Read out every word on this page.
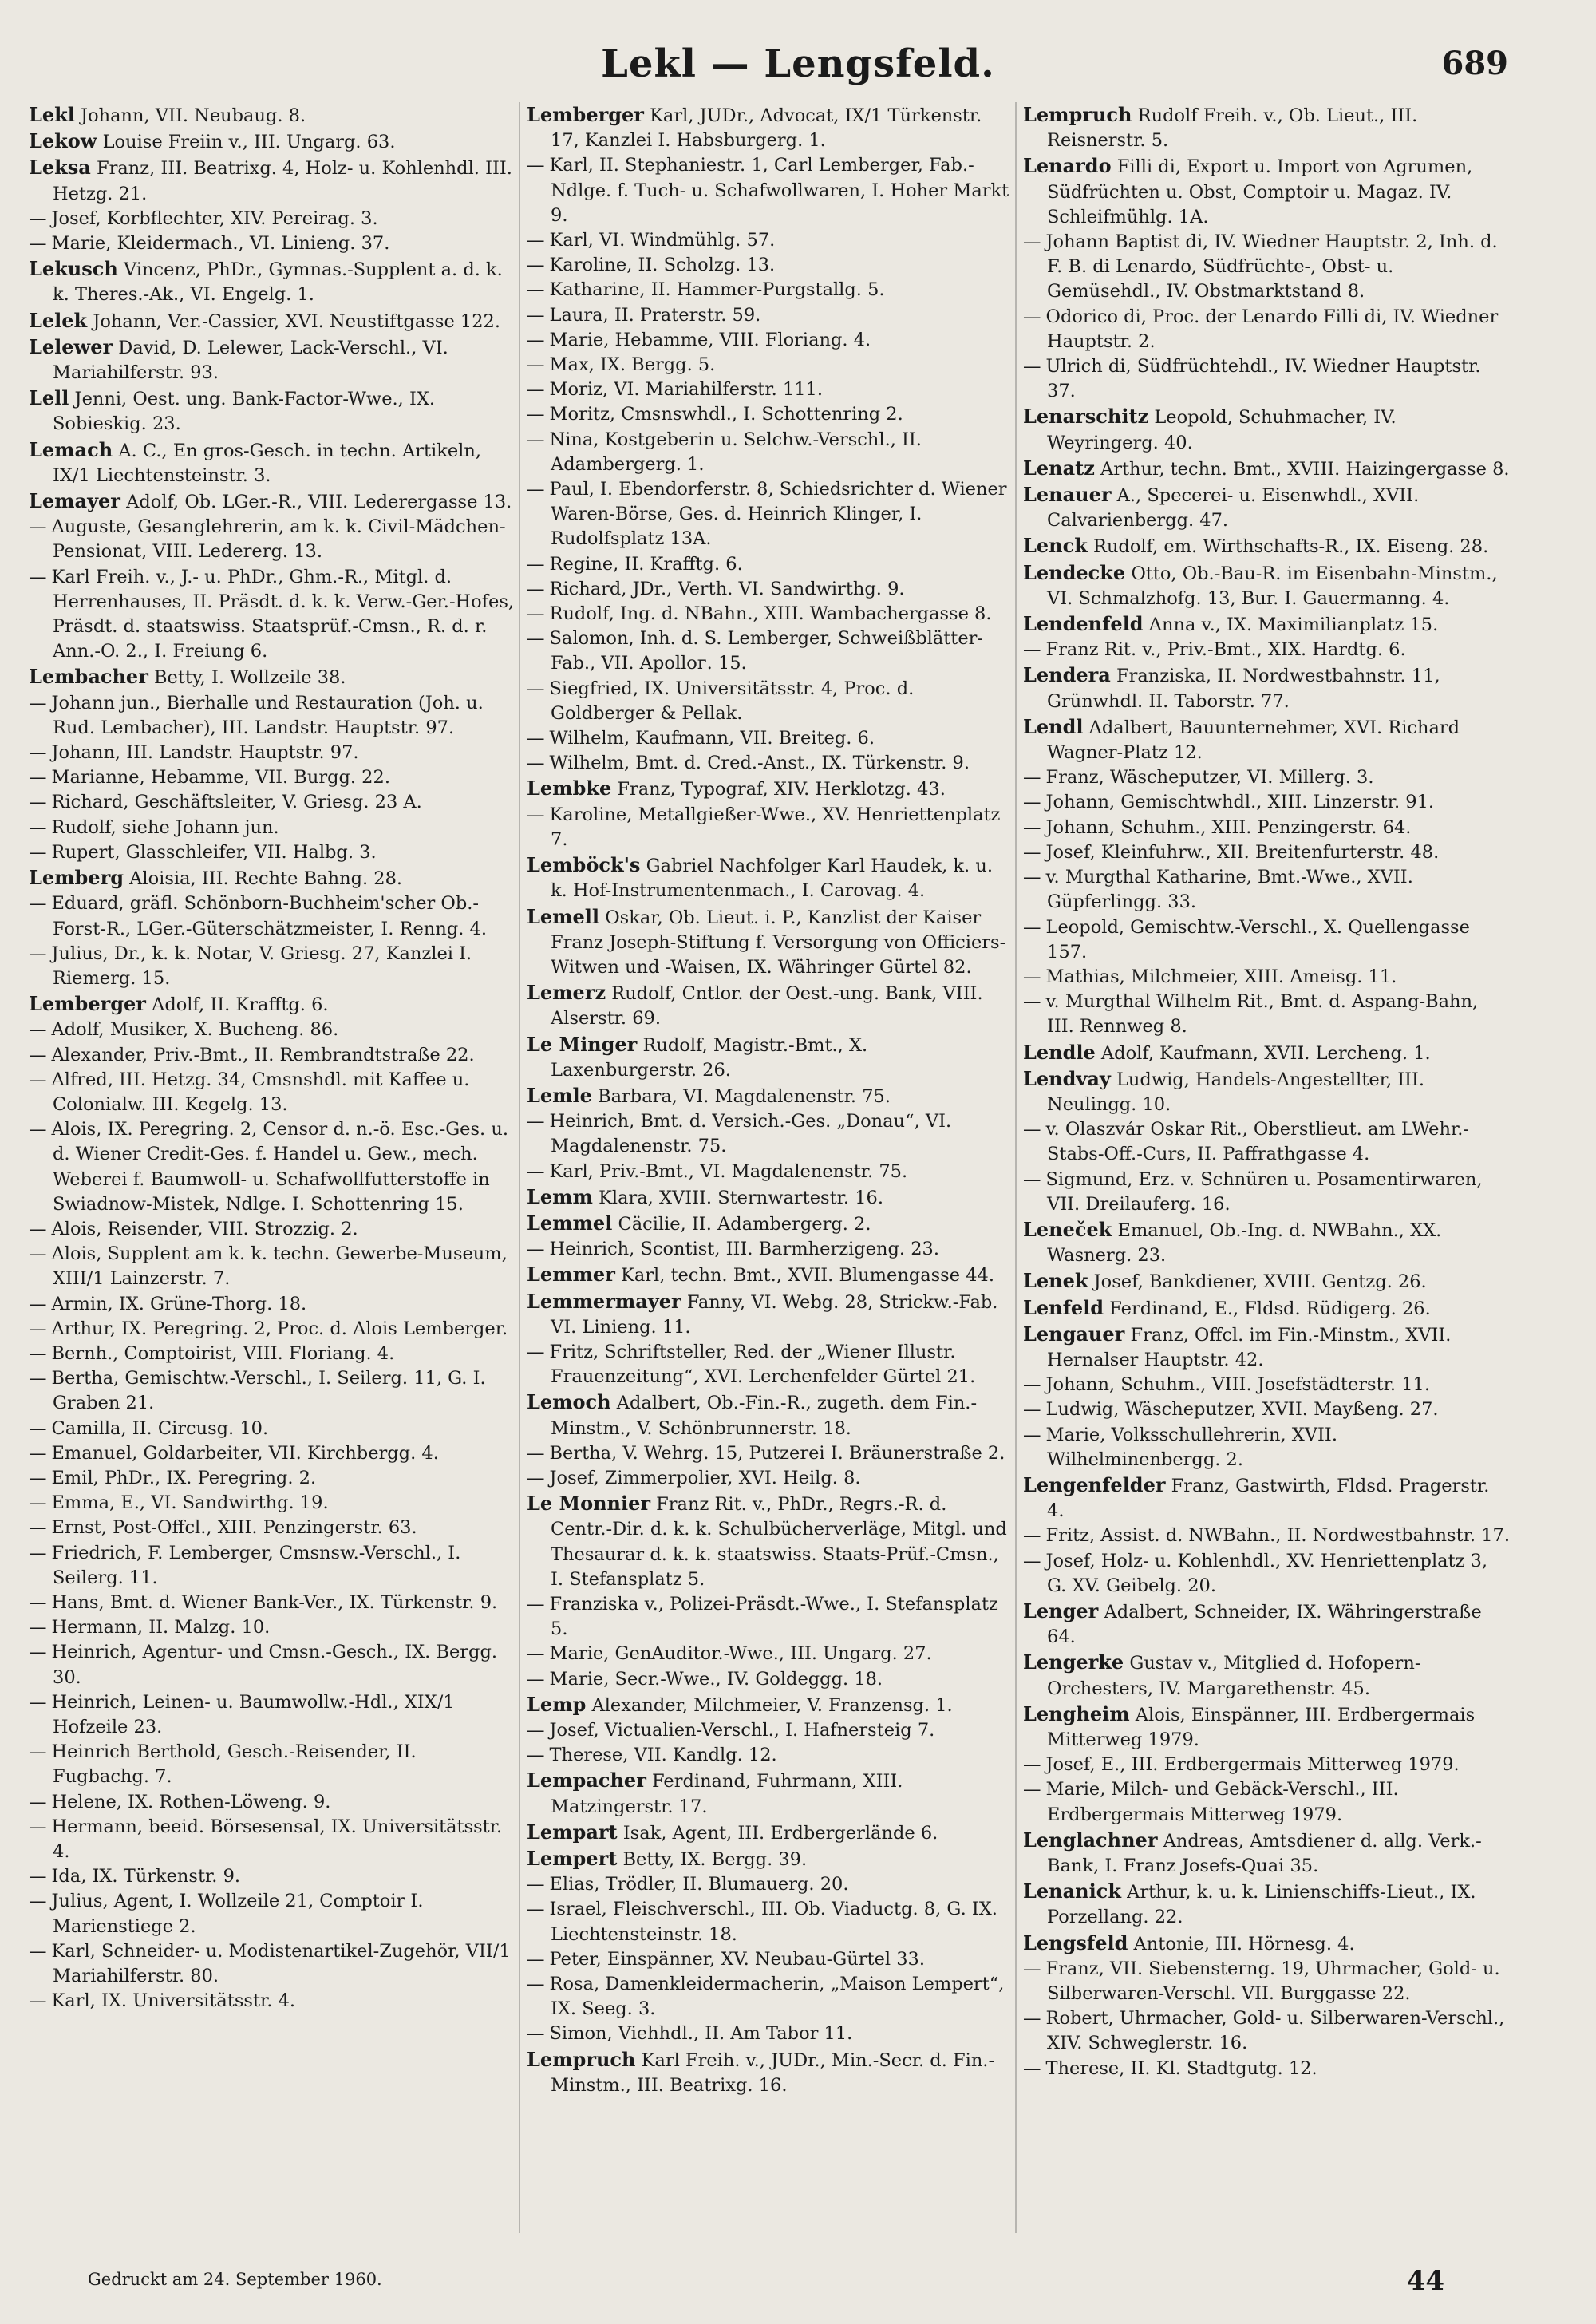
Lekl — Lengsfeld.	689
Lekl Johann, VII. Neubaug. 8.
Lekow Louise Freiin v., III. Ungarg. 63.
Leksa Franz, III. Beatrixg. 4, Holz- u. Kohlenhdl. III. Hetzg. 21.
— Josef, Korbflechter, XIV. Pereirag. 3.
— Marie, Kleidermach., VI. Linieng. 37.
Lekusch Vincenz, PhDr., Gymnas.-Supplent a. d. k. k. Theres.-Ak., VI. Engelg. 1.
Lelek Johann, Ver.-Cassier, XVI. Neustiftgasse 122.
Lelewer David, D. Lelewer, Lack-Verschl., VI. Mariahilferstr. 93.
Lell Jenni, Oest. ung. Bank-Factor-Wwe., IX. Sobieskig. 23.
Lemach A. C., En gros-Gesch. in techn. Artikeln, IX/1 Liechtensteinstr. 3.
Lemayer Adolf, Ob. LGer.-R., VIII. Lederergasse 13.
— Auguste, Gesanglehrerin, am k. k. Civil-Mädchen-Pensionat, VIII. Ledererg. 13.
— Karl Freih. v., J.- u. PhDr., Ghm.-R., Mitgl. d. Herrenhauses, II. Präsdt. d. k. k. Verw.-Ger.-Hofes, Präsdt. d. staatswiss. Staatsprüf.-Cmsn., R. d. r. Ann.-O. 2., I. Freiung 6.
Lembacher Betty, I. Wollzeile 38.
— Johann jun., Bierhalle und Restauration (Joh. u. Rud. Lembacher), III. Landstr. Hauptstr. 97.
— Johann, III. Landstr. Hauptstr. 97.
— Marianne, Hebamme, VII. Burgg. 22.
— Richard, Geschäftsleiter, V. Griesg. 23 A.
— Rudolf, siehe Johann jun.
— Rupert, Glasschleifer, VII. Halbg. 3.
Lemberg Aloisia, III. Rechte Bahng. 28.
— Eduard, gräfl. Schönborn-Buchheim'scher Ob.-Forst-R., LGer.-Güterschätzmeister, I. Renng. 4.
— Julius, Dr., k. k. Notar, V. Griesg. 27, Kanzlei I. Riemerg. 15.
Lemberger Adolf, II. Krafftg. 6.
— Adolf, Musiker, X. Bucheng. 86.
— Alexander, Priv.-Bmt., II. Rembrandtstraße 22.
— Alfred, III. Hetzg. 34, Cmsnshdl. mit Kaffee u. Colonialw. III. Kegelg. 13.
— Alois, IX. Peregring. 2, Censor d. n.-ö. Esc.-Ges. u. d. Wiener Credit-Ges. f. Handel u. Gew., mech. Weberei f. Baumwoll- u. Schafwollfutterstoffe in Swiadnow-Mistek, Ndlge. I. Schottenring 15.
— Alois, Reisender, VIII. Strozzig. 2.
— Alois, Supplent am k. k. techn. Gewerbe-Museum, XIII/1 Lainzerstr. 7.
— Armin, IX. Grüne-Thorg. 18.
— Arthur, IX. Peregring. 2, Proc. d. Alois Lemberger.
— Bernh., Comptoirist, VIII. Floriang. 4.
— Bertha, Gemischtw.-Verschl., I. Seilerg. 11, G. I. Graben 21.
— Camilla, II. Circusg. 10.
— Emanuel, Goldarbeiter, VII. Kirchbergg. 4.
— Emil, PhDr., IX. Peregring. 2.
— Emma, E., VI. Sandwirthg. 19.
— Ernst, Post-Offcl., XIII. Penzingerstr. 63.
— Friedrich, F. Lemberger, Cmsnsw.-Verschl., I. Seilerg. 11.
— Hans, Bmt. d. Wiener Bank-Ver., IX. Türkenstr. 9.
— Hermann, II. Malzg. 10.
— Heinrich, Agentur- und Cmsn.-Gesch., IX. Bergg. 30.
— Heinrich, Leinen- u. Baumwollw.-Hdl., XIX/1 Hofzeile 23.
— Heinrich Berthold, Gesch.-Reisender, II. Fugbachg. 7.
— Helene, IX. Rothen-Löweng. 9.
— Hermann, beeid. Börsesensal, IX. Universitätsstr. 4.
— Ida, IX. Türkenstr. 9.
— Julius, Agent, I. Wollzeile 21, Comptoir I. Marienstiege 2.
— Karl, Schneider- u. Modistenartikel-Zugehör, VII/1 Mariahilferstr. 80.
— Karl, IX. Universitätsstr. 4.
Lemberger Karl, JUDr., Advocat, IX/1 Türkenstr. 17, Kanzlei I. Habsburgerg. 1.
— Karl, II. Stephaniestr. 1, Carl Lemberger, Fab.-Ndlge. f. Tuch- u. Schafwollwaren, I. Hoher Markt 9.
— Karl, VI. Windmühlg. 57.
— Karoline, II. Scholzg. 13.
— Katharine, II. Hammer-Purgstallg. 5.
— Laura, II. Praterstr. 59.
— Marie, Hebamme, VIII. Floriang. 4.
— Max, IX. Bergg. 5.
— Moriz, VI. Mariahilferstr. 111.
— Moritz, Cmsnswhdl., I. Schottenring 2.
— Nina, Kostgeberin u. Selchw.-Verschl., II. Adambergerg. 1.
— Paul, I. Ebendorferstr. 8, Schiedsrichter d. Wiener Waren-Börse, Ges. d. Heinrich Klinger, I. Rudolfsplatz 13A.
— Regine, II. Krafftg. 6.
— Richard, JDr., Verth. VI. Sandwirthg. 9.
— Rudolf, Ing. d. NBahn., XIII. Wambachergasse 8.
— Salomon, Inh. d. S. Lemberger, Schweißblätter-Fab., VII. Apolloг. 15.
— Siegfried, IX. Universitätsstr. 4, Proc. d. Goldberger & Pellak.
— Wilhelm, Kaufmann, VII. Breiteg. 6.
— Wilhelm, Bmt. d. Cred.-Anst., IX. Türkenstr. 9.
Lembke Franz, Typograf, XIV. Herklotzg. 43.
— Karoline, Metallgießer-Wwe., XV. Henriettenplatz 7.
Lemböck's Gabriel Nachfolger Karl Haudek, k. u. k. Hof-Instrumentenmach., I. Carovag. 4.
Lemell Oskar, Ob. Lieut. i. P., Kanzlist der Kaiser Franz Joseph-Stiftung f. Versorgung von Officiers-Witwen und -Waisen, IX. Währinger Gürtel 82.
Lemerz Rudolf, Cntlor. der Oest.-ung. Bank, VIII. Alserstr. 69.
Le Minger Rudolf, Magistr.-Bmt., X. Laxenburgerstr. 26.
Lemle Barbara, VI. Magdalenenstr. 75.
— Heinrich, Bmt. d. Versich.-Ges. „Donau“, VI. Magdalenenstr. 75.
— Karl, Priv.-Bmt., VI. Magdalenenstr. 75.
Lemm Klara, XVIII. Sternwartestr. 16.
Lemmel Cäcilie, II. Adambergerg. 2.
— Heinrich, Scontist, III. Barmherzigeng. 23.
Lemmer Karl, techn. Bmt., XVII. Blumengasse 44.
Lemmermayer Fanny, VI. Webg. 28, Strickw.-Fab. VI. Linieng. 11.
— Fritz, Schriftsteller, Red. der „Wiener Illustr. Frauenzeitung“, XVI. Lerchenfelder Gürtel 21.
Lemoch Adalbert, Ob.-Fin.-R., zugeth. dem Fin.-Minstm., V. Schönbrunnerstr. 18.
— Bertha, V. Wehrg. 15, Putzerei I. Bräunerstraße 2.
— Josef, Zimmerpolier, XVI. Heilg. 8.
Le Monnier Franz Rit. v., PhDr., Regrs.-R. d. Centr.-Dir. d. k. k. Schulbücherverläge, Mitgl. und Thesaurar d. k. k. staatswiss. Staats-Prüf.-Cmsn., I. Stefansplatz 5.
— Franziska v., Polizei-Präsdt.-Wwe., I. Stefansplatz 5.
— Marie, GenAuditor.-Wwe., III. Ungarg. 27.
— Marie, Secr.-Wwe., IV. Goldeggg. 18.
Lemp Alexander, Milchmeier, V. Franzensg. 1.
— Josef, Victualien-Verschl., I. Hafnersteig 7.
— Therese, VII. Kandlg. 12.
Lempacher Ferdinand, Fuhrmann, XIII. Matzingerstr. 17.
Lempart Isak, Agent, III. Erdbergerlände 6.
Lempert Betty, IX. Bergg. 39.
— Elias, Trödler, II. Blumauerg. 20.
— Israel, Fleischverschl., III. Ob. Viaductg. 8, G. IX. Liechtensteinstr. 18.
— Peter, Einspänner, XV. Neubau-Gürtel 33.
— Rosa, Damenkleidermacherin, „Maison Lempert“, IX. Seeg. 3.
— Simon, Viehhdl., II. Am Tabor 11.
Lempruch Karl Freih. v., JUDr., Min.-Secr. d. Fin.-Minstm., III. Beatrixg. 16.
Lempruch Rudolf Freih. v., Ob. Lieut., III. Reisnerstr. 5.
Lenardo Filli di, Export u. Import von Agrumen, Südfrüchten u. Obst, Comptoir u. Magaz. IV. Schleifmühlg. 1A.
— Johann Baptist di, IV. Wiedner Hauptstr. 2, Inh. d. F. B. di Lenardo, Südfrüchte-, Obst- u. Gemüsehdl., IV. Obstmarktstand 8.
— Odorico di, Proc. der Lenardo Filli di, IV. Wiedner Hauptstr. 2.
— Ulrich di, Südfrüchtehdl., IV. Wiedner Hauptstr. 37.
Lenarschitz Leopold, Schuhmacher, IV. Weyringerg. 40.
Lenatz Arthur, techn. Bmt., XVIII. Haizingergasse 8.
Lenauer A., Specerei- u. Eisenwhdl., XVII. Calvarienbergg. 47.
Lenck Rudolf, em. Wirthschafts-R., IX. Eiseng. 28.
Lendecke Otto, Ob.-Bau-R. im Eisenbahn-Minstm., VI. Schmalzhofg. 13, Bur. I. Gauermanng. 4.
Lendenfeld Anna v., IX. Maximilianplatz 15.
— Franz Rit. v., Priv.-Bmt., XIX. Hardtg. 6.
Lendera Franziska, II. Nordwestbahnstr. 11, Grünwhdl. II. Taborstr. 77.
Lendl Adalbert, Bauunternehmer, XVI. Richard Wagner-Platz 12.
— Franz, Wäscheputzer, VI. Millerg. 3.
— Johann, Gemischtwhdl., XIII. Linzerstr. 91.
— Johann, Schuhm., XIII. Penzingerstr. 64.
— Josef, Kleinfuhrw., XII. Breitenfurterstr. 48.
— v. Murgthal Katharine, Bmt.-Wwe., XVII. Güpferlingg. 33.
— Leopold, Gemischtw.-Verschl., X. Quellengasse 157.
— Mathias, Milchmeier, XIII. Ameisg. 11.
— v. Murgthal Wilhelm Rit., Bmt. d. Aspang-Bahn, III. Rennweg 8.
Lendle Adolf, Kaufmann, XVII. Lercheng. 1.
Lendvay Ludwig, Handels-Angestellter, III. Neulingg. 10.
— v. Olaszvár Oskar Rit., Oberstlieut. am LWehr.-Stabs-Off.-Curs, II. Paffrathgasse 4.
— Sigmund, Erz. v. Schnüren u. Posamentirwaren, VII. Dreilauferg. 16.
Leneček Emanuel, Ob.-Ing. d. NWBahn., XX. Wasnerg. 23.
Lenek Josef, Bankdiener, XVIII. Gentzg. 26.
Lenfeld Ferdinand, E., Fldsd. Rüdigerg. 26.
Lengauer Franz, Offcl. im Fin.-Minstm., XVII. Hernalser Hauptstr. 42.
— Johann, Schuhm., VIII. Josefstädterstr. 11.
— Ludwig, Wäscheputzer, XVII. Mayßeng. 27.
— Marie, Volksschullehrerin, XVII. Wilhelminenbergg. 2.
Lengenfelder Franz, Gastwirth, Fldsd. Pragerstr. 4.
— Fritz, Assist. d. NWBahn., II. Nordwestbahnstr. 17.
— Josef, Holz- u. Kohlenhdl., XV. Henriettenplatz 3, G. XV. Geibelg. 20.
Lenger Adalbert, Schneider, IX. Währingerstraße 64.
Lengerke Gustav v., Mitglied d. Hofopern-Orchesters, IV. Margarethenstr. 45.
Lengheim Alois, Einspänner, III. Erdbergermais Mitterweg 1979.
— Josef, E., III. Erdbergermais Mitterweg 1979.
— Marie, Milch- und Gebäck-Verschl., III. Erdbergermais Mitterweg 1979.
Lenglachner Andreas, Amtsdiener d. allg. Verk.-Bank, I. Franz Josefs-Quai 35.
Lenanick Arthur, k. u. k. Linienschiffs-Lieut., IX. Porzellang. 22.
Lengsfeld Antonie, III. Hörnesg. 4.
— Franz, VII. Siebensterng. 19, Uhrmacher, Gold- u. Silberwaren-Verschl. VII. Burggasse 22.
— Robert, Uhrmacher, Gold- u. Silberwaren-Verschl., XIV. Schweglerstr. 16.
— Therese, II. Kl. Stadtgutg. 12.
Gedruckt am 24. September 1960.	44
